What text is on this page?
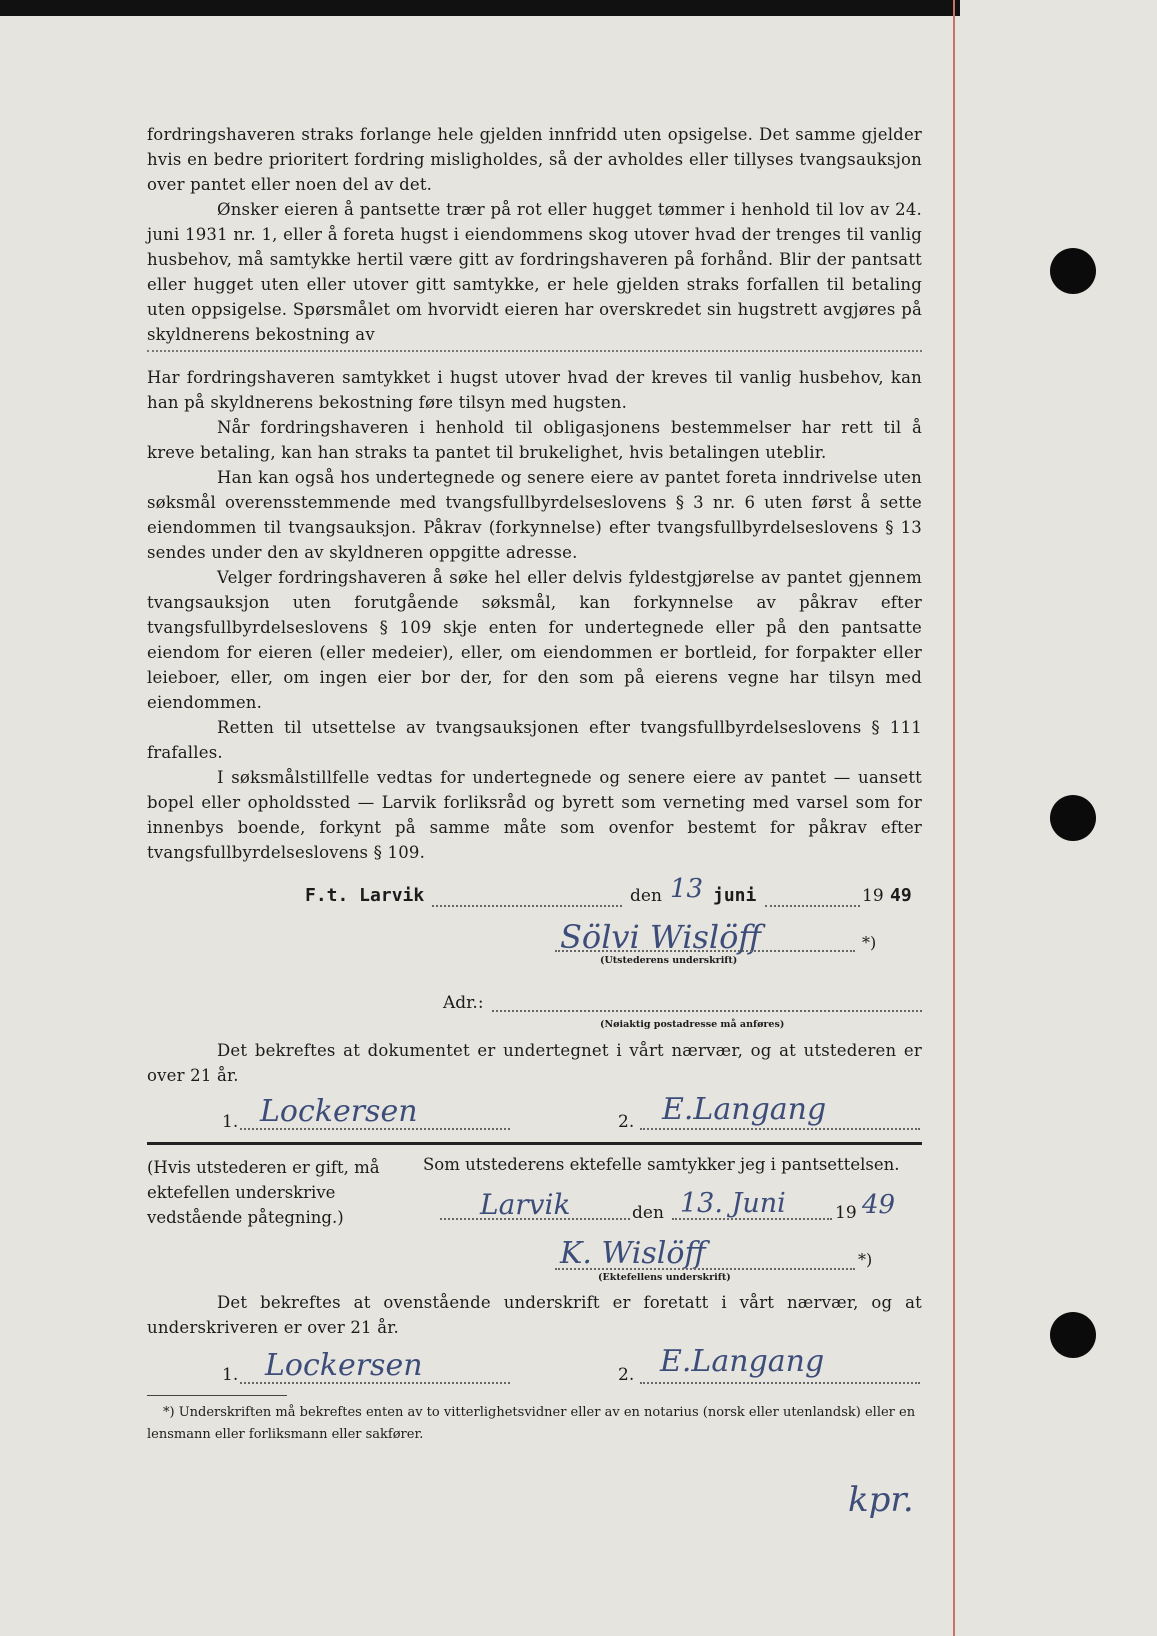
fordringshaveren straks forlange hele gjelden innfridd uten opsigelse. Det samme gjelder hvis en bedre prioritert fordring misligholdes, så der avholdes eller tillyses tvangsauksjon over pantet eller noen del av det.

Ønsker eieren å pantsette trær på rot eller hugget tømmer i henhold til lov av 24. juni 1931 nr. 1, eller å foreta hugst i eiendommens skog utover hvad der trenges til vanlig husbehov, må samtykke hertil være gitt av fordringshaveren på forhånd. Blir der pantsatt eller hugget uten eller utover gitt samtykke, er hele gjelden straks forfallen til betaling uten oppsigelse. Spørsmålet om hvorvidt eieren har overskredet sin hugstrett avgjøres på skyldnerens bekostning av

Har fordringshaveren samtykket i hugst utover hvad der kreves til vanlig husbehov, kan han på skyldnerens bekostning føre tilsyn med hugsten.

Når fordringshaveren i henhold til obligasjonens bestemmelser har rett til å kreve betaling, kan han straks ta pantet til brukelighet, hvis betalingen uteblir.

Han kan også hos undertegnede og senere eiere av pantet foreta inndrivelse uten søksmål overensstemmende med tvangsfullbyrdelseslovens § 3 nr. 6 uten først å sette eiendommen til tvangsauksjon. Påkrav (forkynnelse) efter tvangsfullbyrdelseslovens § 13 sendes under den av skyldneren oppgitte adresse.

Velger fordringshaveren å søke hel eller delvis fyldestgjørelse av pantet gjennem tvangsauksjon uten forutgående søksmål, kan forkynnelse av påkrav efter tvangsfullbyrdelseslovens § 109 skje enten for undertegnede eller på den pantsatte eiendom for eieren (eller medeier), eller, om eiendommen er bortleid, for forpakter eller leieboer, eller, om ingen eier bor der, for den som på eierens vegne har tilsyn med eiendommen.

Retten til utsettelse av tvangsauksjonen efter tvangsfullbyrdelseslovens § 111 frafalles.

I søksmålstillfelle vedtas for undertegnede og senere eiere av pantet — uansett bopel eller opholdssted — Larvik forliksråd og byrett som verneting med varsel som for innenbys boende, forkynt på samme måte som ovenfor bestemt for påkrav efter tvangsfullbyrdelseslovens § 109.

F.t. Larvik	den 13 juni	19 49
Sölvi Wislöff	*)
(Utstederens underskrift)
Adr.:
(Nøiaktig postadresse må anføres)

Det bekreftes at dokumentet er undertegnet i vårt nærvær, og at utstederen er over 21 år.

1. Lockersen	2. E.Langang
(Hvis utstederen er gift, må ektefellen underskrive vedstående påtegning.)
Som utstederens ektefelle samtykker jeg i pantsettelsen.
Larvik	den 13. Juni	19 49
K. Wislöff	*)
(Ektefellens underskrift)

Det bekreftes at ovenstående underskrift er foretatt i vårt nærvær, og at underskriveren er over 21 år.

1. Lockersen	2. E.Langang
*) Underskriften må bekreftes enten av to vitterlighetsvidner eller av en notarius (norsk eller utenlandsk) eller en lensmann eller forliksmann eller sakfører.
kpr.
